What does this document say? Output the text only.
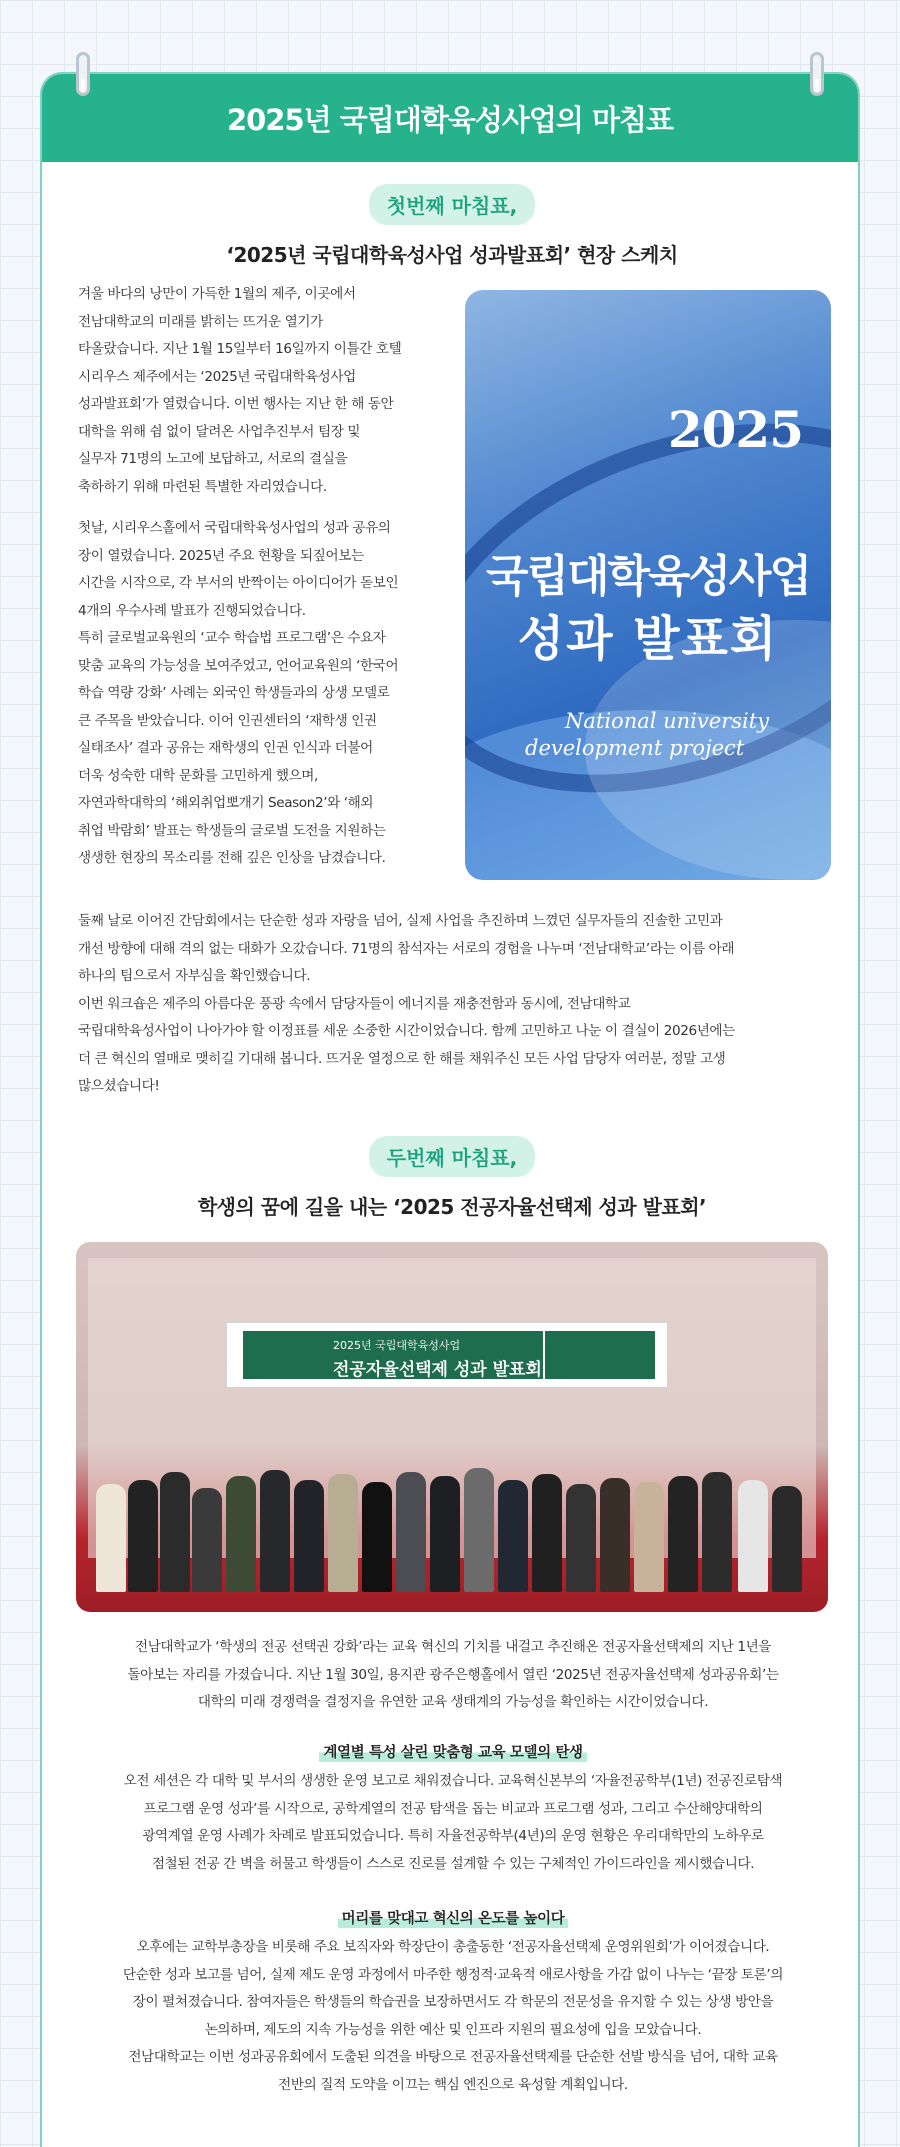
2025년 국립대학육성사업의 마침표
첫번째 마침표,
‘2025년 국립대학육성사업 성과발표회’ 현장 스케치

겨울 바다의 낭만이 가득한 1월의 제주, 이곳에서

전남대학교의 미래를 밝히는 뜨거운 열기가

타올랐습니다. 지난 1월 15일부터 16일까지 이틀간 호텔

시리우스 제주에서는 ‘2025년 국립대학육성사업

성과발표회’가 열렸습니다. 이번 행사는 지난 한 해 동안

대학을 위해 쉼 없이 달려온 사업추진부서 팀장 및

실무자 71명의 노고에 보답하고, 서로의 결실을

축하하기 위해 마련된 특별한 자리였습니다.

첫날, 시리우스홀에서 국립대학육성사업의 성과 공유의

장이 열렸습니다. 2025년 주요 현황을 되짚어보는

시간을 시작으로, 각 부서의 반짝이는 아이디어가 돋보인

4개의 우수사례 발표가 진행되었습니다.

특히 글로벌교육원의 ‘교수 학습법 프로그램’은 수요자

맞춤 교육의 가능성을 보여주었고, 언어교육원의 ‘한국어

학습 역량 강화’ 사례는 외국인 학생들과의 상생 모델로

큰 주목을 받았습니다. 이어 인권센터의 ‘재학생 인권

실태조사’ 결과 공유는 재학생의 인권 인식과 더불어

더욱 성숙한 대학 문화를 고민하게 했으며,

자연과학대학의 ‘해외취업뽀개기 Season2’와 ‘해외

취업 박람회’ 발표는 학생들의 글로벌 도전을 지원하는

생생한 현장의 목소리를 전해 깊은 인상을 남겼습니다.

2025
국립대학육성사업
성과 발표회
National university
development project

둘째 날로 이어진 간담회에서는 단순한 성과 자랑을 넘어, 실제 사업을 추진하며 느꼈던 실무자들의 진솔한 고민과

개선 방향에 대해 격의 없는 대화가 오갔습니다. 71명의 참석자는 서로의 경험을 나누며 ‘전남대학교’라는 이름 아래

하나의 팀으로서 자부심을 확인했습니다.

이번 워크숍은 제주의 아름다운 풍광 속에서 담당자들이 에너지를 재충전함과 동시에, 전남대학교

국립대학육성사업이 나아가야 할 이정표를 세운 소중한 시간이었습니다. 함께 고민하고 나눈 이 결실이 2026년에는

더 큰 혁신의 열매로 맺히길 기대해 봅니다. 뜨거운 열정으로 한 해를 채워주신 모든 사업 담당자 여러분, 정말 고생

많으셨습니다!

두번째 마침표,
학생의 꿈에 길을 내는 ‘2025 전공자율선택제 성과 발표회’
2025년 국립대학육성사업
전공자율선택제 성과 발표회

전남대학교가 ‘학생의 전공 선택권 강화’라는 교육 혁신의 기치를 내걸고 추진해온 전공자율선택제의 지난 1년을

돌아보는 자리를 가졌습니다. 지난 1월 30일, 용지관 광주은행홀에서 열린 ‘2025년 전공자율선택제 성과공유회’는

대학의 미래 경쟁력을 결정지을 유연한 교육 생태계의 가능성을 확인하는 시간이었습니다.

계열별 특성 살린 맞춤형 교육 모델의 탄생

오전 세션은 각 대학 및 부서의 생생한 운영 보고로 채워졌습니다. 교육혁신본부의 ‘자율전공학부(1년) 전공진로탐색

프로그램 운영 성과’를 시작으로, 공학계열의 전공 탐색을 돕는 비교과 프로그램 성과, 그리고 수산해양대학의

광역계열 운영 사례가 차례로 발표되었습니다. 특히 자율전공학부(4년)의 운영 현황은 우리대학만의 노하우로

점철된 전공 간 벽을 허물고 학생들이 스스로 진로를 설계할 수 있는 구체적인 가이드라인을 제시했습니다.

머리를 맞대고 혁신의 온도를 높이다

오후에는 교학부총장을 비롯해 주요 보직자와 학장단이 총출동한 ‘전공자율선택제 운영위원회’가 이어졌습니다.

단순한 성과 보고를 넘어, 실제 제도 운영 과정에서 마주한 행정적·교육적 애로사항을 가감 없이 나누는 ‘끝장 토론’의

장이 펼쳐졌습니다. 참여자들은 학생들의 학습권을 보장하면서도 각 학문의 전문성을 유지할 수 있는 상생 방안을

논의하며, 제도의 지속 가능성을 위한 예산 및 인프라 지원의 필요성에 입을 모았습니다.

전남대학교는 이번 성과공유회에서 도출된 의견을 바탕으로 전공자율선택제를 단순한 선발 방식을 넘어, 대학 교육

전반의 질적 도약을 이끄는 핵심 엔진으로 육성할 계획입니다.
